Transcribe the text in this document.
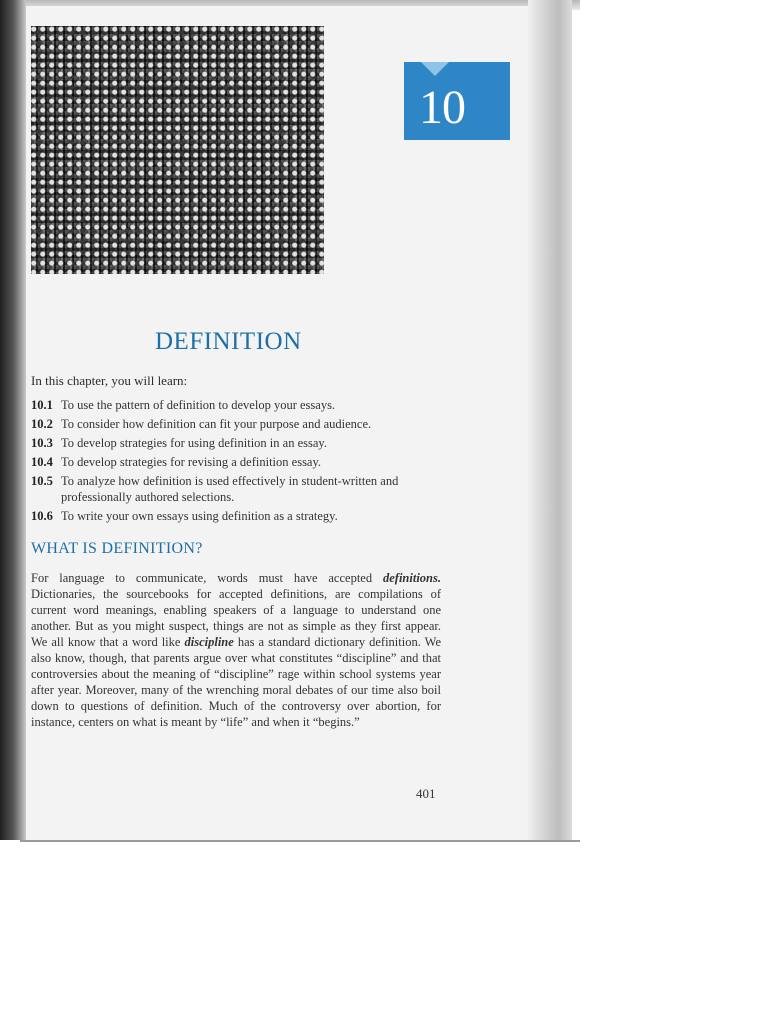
10
DEFINITION
In this chapter, you will learn:
10.1 To use the pattern of definition to develop your essays.
10.2 To consider how definition can fit your purpose and audience.
10.3 To develop strategies for using definition in an essay.
10.4 To develop strategies for revising a definition essay.
10.5 To analyze how definition is used effectively in student-written and professionally authored selections.
10.6 To write your own essays using definition as a strategy.
WHAT IS DEFINITION?

For language to communicate, words must have accepted definitions. Dictionaries, the sourcebooks for accepted definitions, are compilations of current word meanings, enabling speakers of a language to understand one another. But as you might suspect, things are not as simple as they first appear. We all know that a word like discipline has a standard dictionary definition. We also know, though, that parents argue over what constitutes “discipline” and that controversies about the meaning of “discipline” rage within school systems year after year. Moreover, many of the wrenching moral debates of our time also boil down to questions of definition. Much of the controversy over abortion, for instance, centers on what is meant by “life” and when it “begins.”

401
